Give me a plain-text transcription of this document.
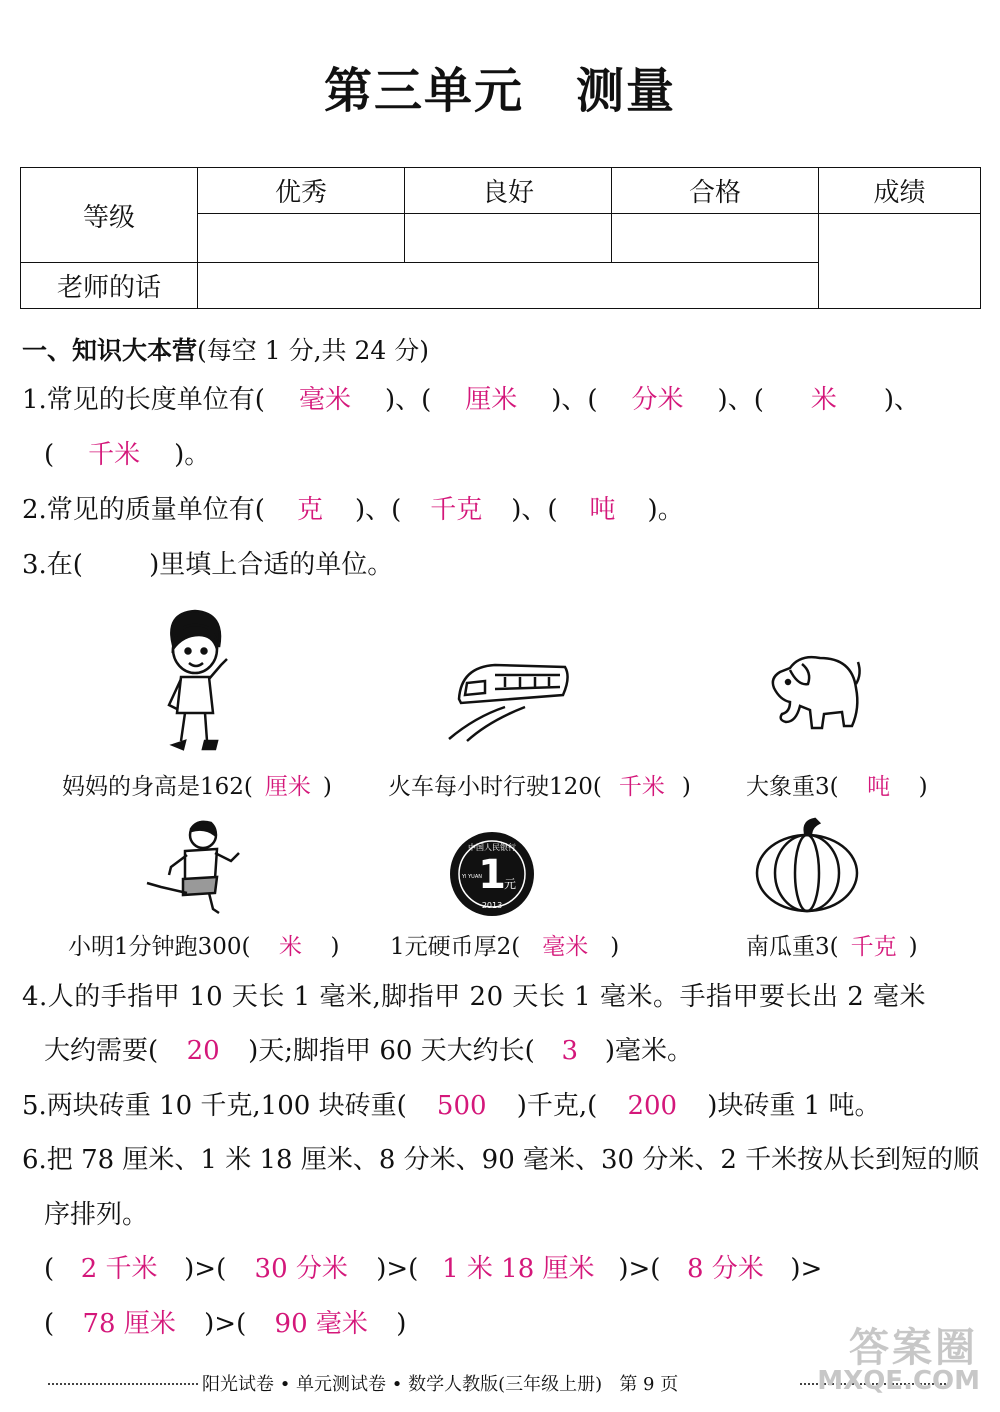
第三单元 测量
等级	优秀	良好	合格	成绩

老师的话				
一、知识大本营(每空 1 分,共 24 分)
1.常见的长度单位有( 毫米 )、( 厘米 )、( 分米 )、( 米 )、
( 千米 )。
2.常见的质量单位有( 克 )、( 千克 )、( 吨 )。
3.在(        )里填上合适的单位。
1
元
中国人民银行
YI YUAN
2013
妈妈的身高是162( 厘米 ) 火车每小时行驶120( 千米 ) 大象重3( 吨 )
小明1分钟跑300( 米 ) 1元硬币厚2( 毫米 )	南瓜重3( 千克 )
4.人的手指甲 10 天长 1 毫米,脚指甲 20 天长 1 毫米。手指甲要长出 2 毫米
大约需要( 20 )天;脚指甲 60 天大约长( 3 )毫米。
5.两块砖重 10 千克,100 块砖重( 500 )千克,( 200 )块砖重 1 吨。
6.把 78 厘米、1 米 18 厘米、8 分米、90 毫米、30 分米、2 千米按从长到短的顺
序排列。
( 2 千米 )>( 30 分米 )>( 1 米 18 厘米 )>( 8 分米 )>
( 78 厘米 )>( 90 毫米 )
阳光试卷 • 单元测试卷 • 数学人教版(三年级上册)   第 9 页
答案圈
MXQE.COM
